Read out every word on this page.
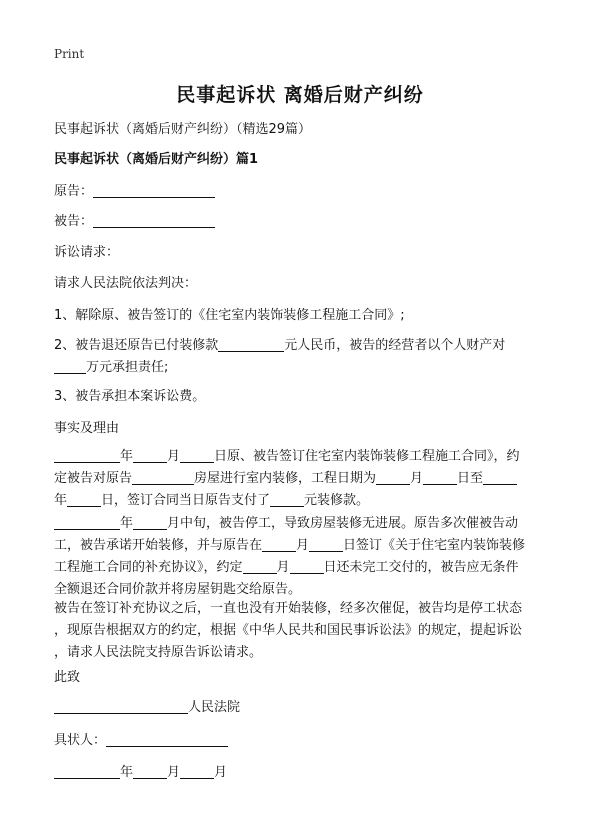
Print
民事起诉状 离婚后财产纠纷
民事起诉状（离婚后财产纠纷）（精选29篇）
民事起诉状（离婚后财产纠纷）篇1
原告：
被告：
诉讼请求：
请求人民法院依法判决：
1、解除原、被告签订的《住宅室内装饰装修工程施工合同》;
2、被告退还原告已付装修款	元人民币，被告的经营者以个人财产对
万元承担责任;
3、被告承担本案诉讼费。
事实及理由
年	月	日原、被告签订住宅室内装饰装修工程施工合同》，约
定被告对原告	房屋进行室内装修，工程日期为	月	日至
年	日，签订合同当日原告支付了	元装修款。
年	月中旬，被告停工，导致房屋装修无进展。原告多次催被告动
工，被告承诺开始装修，并与原告在	月	日签订《关于住宅室内装饰装修
工程施工合同的补充协议》，约定	月	日还未完工交付的，被告应无条件
全额退还合同价款并将房屋钥匙交给原告。
被告在签订补充协议之后，一直也没有开始装修，经多次催促，被告均是停工状态
，现原告根据双方的约定，根据《中华人民共和国民事诉讼法》的规定，提起诉讼
，请求人民法院支持原告诉讼请求。
此致
人民法院
具状人：
年	月	月
